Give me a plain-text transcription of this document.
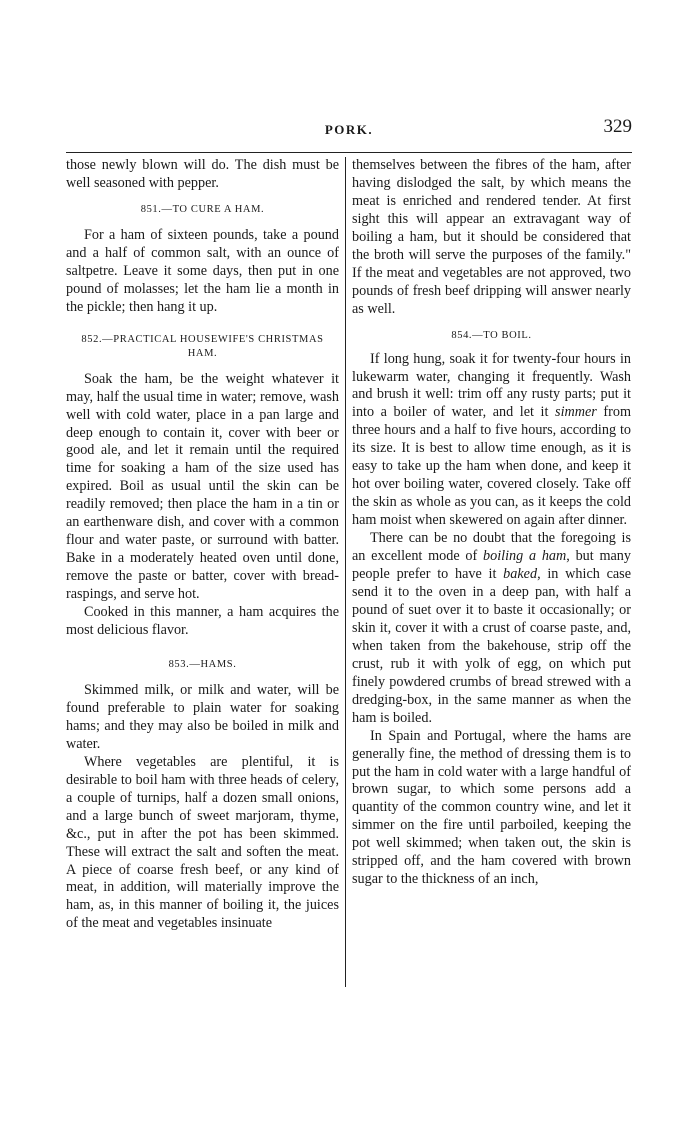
PORK.	329

those newly blown will do. The dish must be well seasoned with pepper.

851.—TO CURE A HAM.

For a ham of sixteen pounds, take a pound and a half of common salt, with an ounce of saltpetre. Leave it some days, then put in one pound of molasses; let the ham lie a month in the pickle; then hang it up.

852.—PRACTICAL HOUSEWIFE'S CHRISTMAS HAM.

Soak the ham, be the weight whatever it may, half the usual time in water; remove, wash well with cold water, place in a pan large and deep enough to contain it, cover with beer or good ale, and let it remain until the required time for soaking a ham of the size used has expired. Boil as usual until the skin can be readily removed; then place the ham in a tin or an earthenware dish, and cover with a common flour and water paste, or surround with batter. Bake in a moderately heated oven until done, remove the paste or batter, cover with bread-raspings, and serve hot.

Cooked in this manner, a ham acquires the most delicious flavor.

853.—HAMS.

Skimmed milk, or milk and water, will be found preferable to plain water for soaking hams; and they may also be boiled in milk and water.

Where vegetables are plentiful, it is desirable to boil ham with three heads of celery, a couple of turnips, half a dozen small onions, and a large bunch of sweet marjoram, thyme, &c., put in after the pot has been skimmed. These will extract the salt and soften the meat. A piece of coarse fresh beef, or any kind of meat, in addition, will materially improve the ham, as, in this manner of boiling it, the juices of the meat and vegetables insinuate

themselves between the fibres of the ham, after having dislodged the salt, by which means the meat is enriched and rendered tender. At first sight this will appear an extravagant way of boiling a ham, but it should be considered that the broth will serve the purposes of the family." If the meat and vegetables are not approved, two pounds of fresh beef dripping will answer nearly as well.

854.—TO BOIL.

If long hung, soak it for twenty-four hours in lukewarm water, changing it frequently. Wash and brush it well: trim off any rusty parts; put it into a boiler of water, and let it simmer from three hours and a half to five hours, according to its size. It is best to allow time enough, as it is easy to take up the ham when done, and keep it hot over boiling water, covered closely. Take off the skin as whole as you can, as it keeps the cold ham moist when skewered on again after dinner.

There can be no doubt that the foregoing is an excellent mode of boiling a ham, but many people prefer to have it baked, in which case send it to the oven in a deep pan, with half a pound of suet over it to baste it occasionally; or skin it, cover it with a crust of coarse paste, and, when taken from the bakehouse, strip off the crust, rub it with yolk of egg, on which put finely powdered crumbs of bread strewed with a dredging-box, in the same manner as when the ham is boiled.

In Spain and Portugal, where the hams are generally fine, the method of dressing them is to put the ham in cold water with a large handful of brown sugar, to which some persons add a quantity of the common country wine, and let it simmer on the fire until parboiled, keeping the pot well skimmed; when taken out, the skin is stripped off, and the ham covered with brown sugar to the thickness of an inch,
